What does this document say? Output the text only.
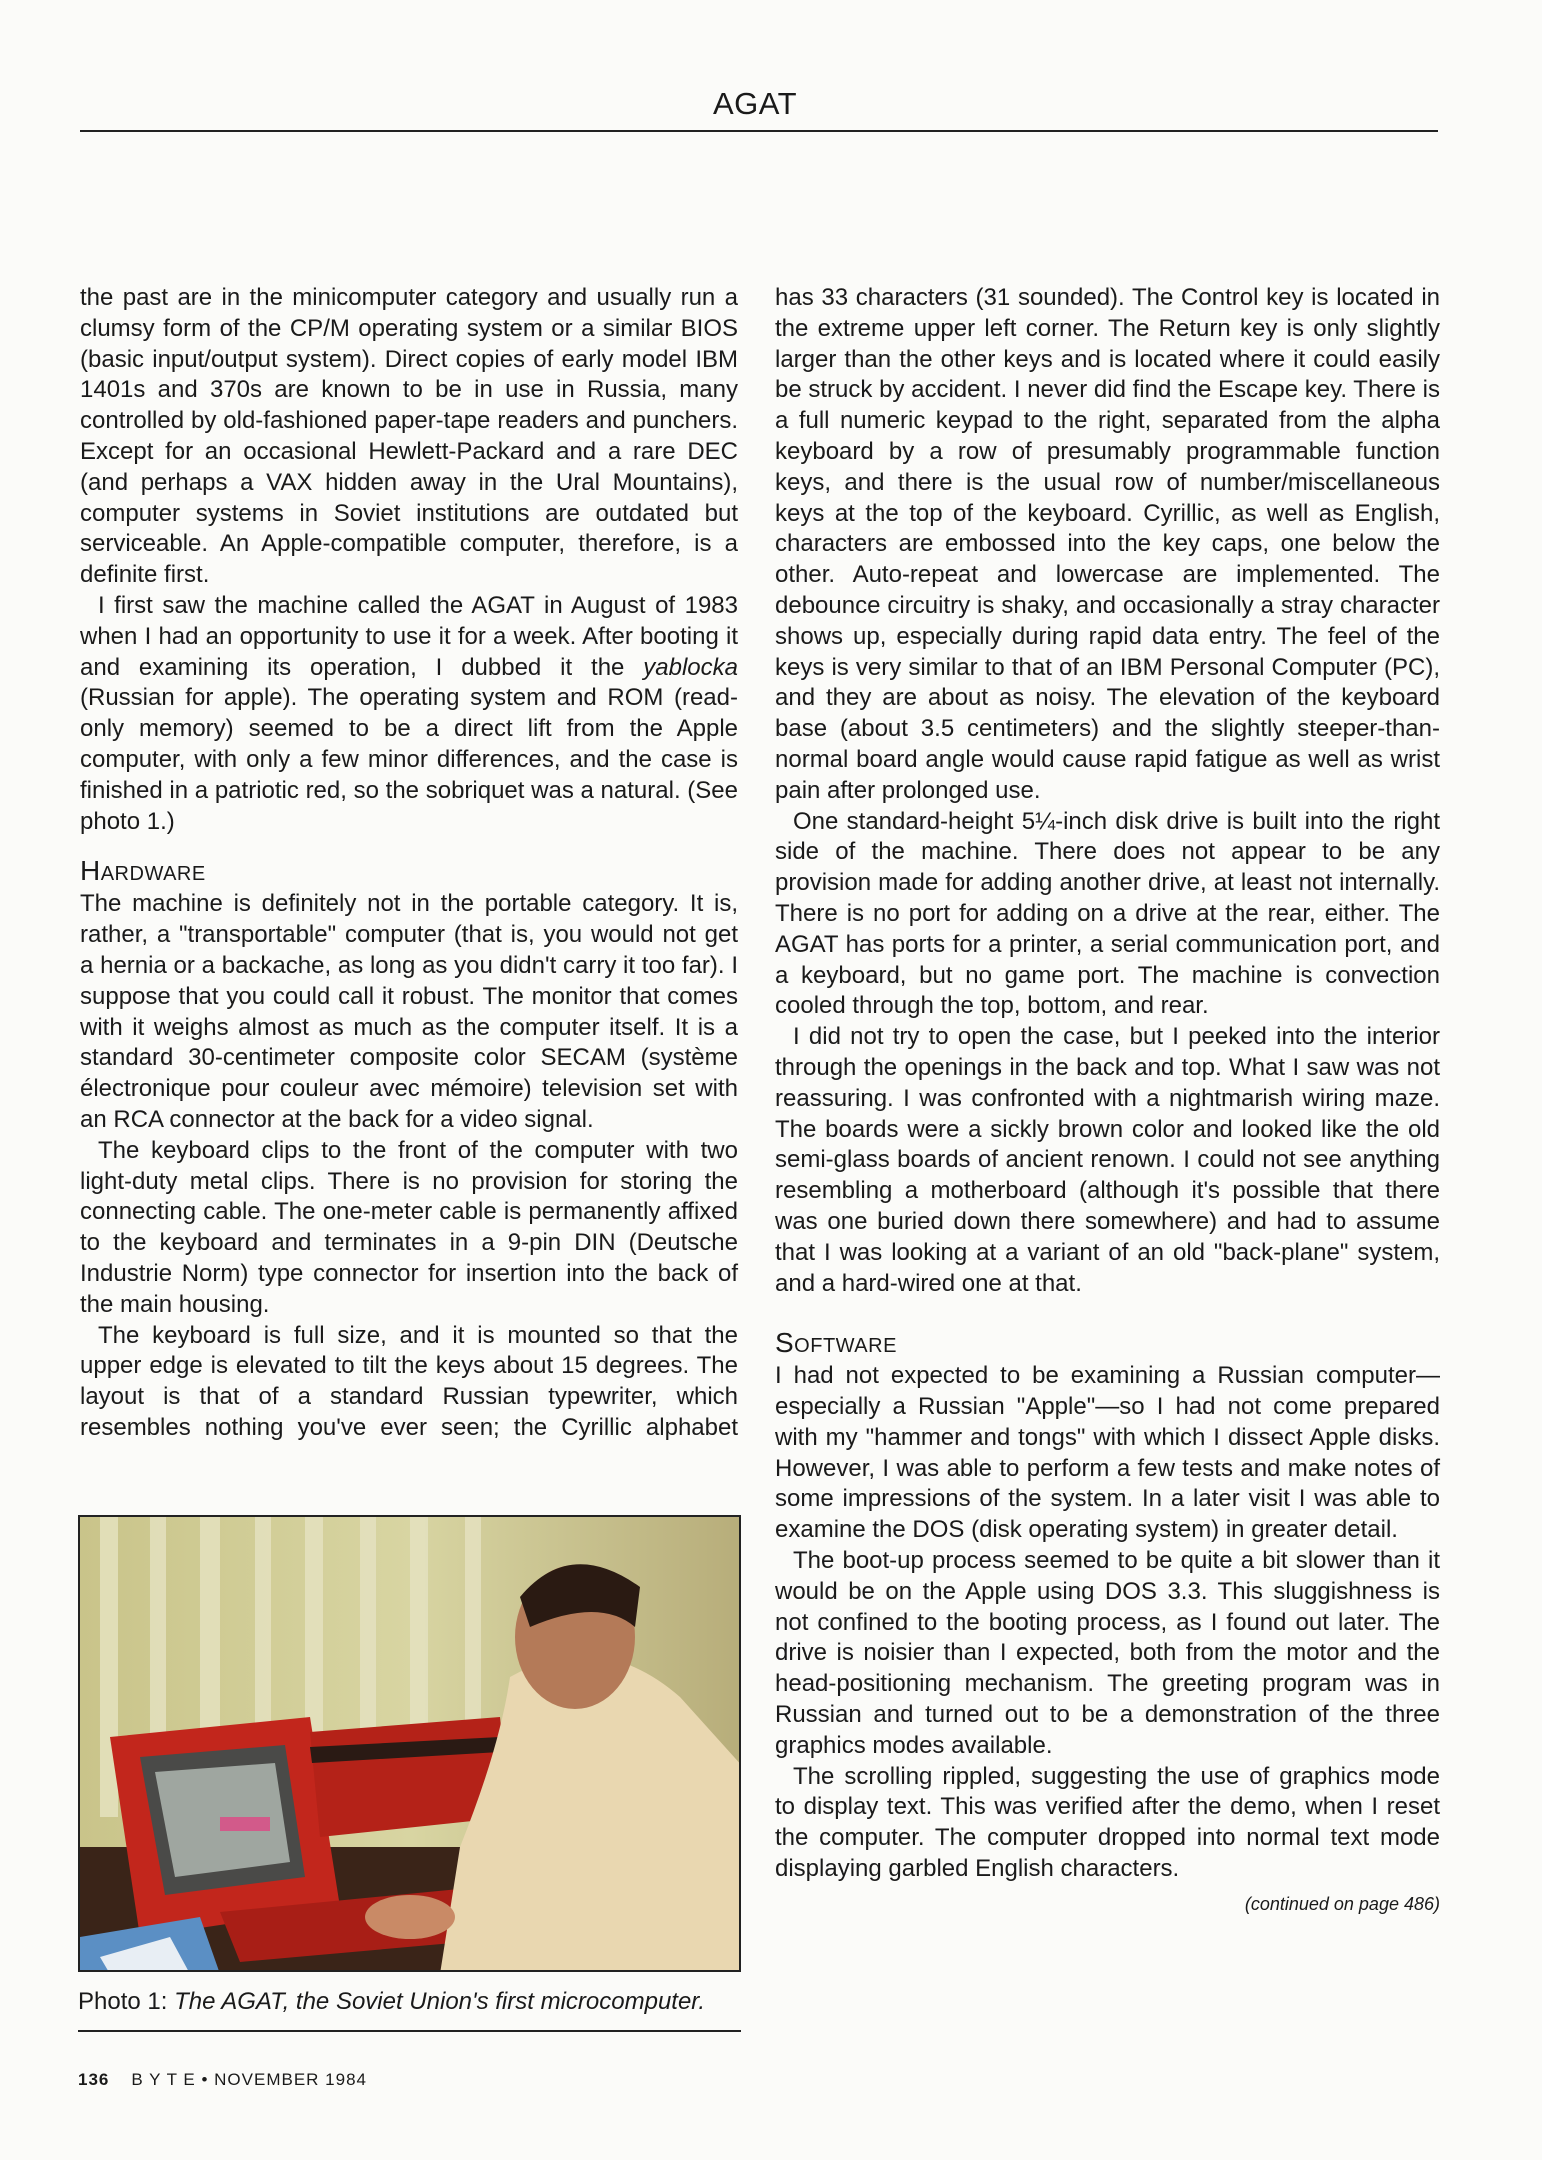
AGAT

the past are in the minicomputer category and usually run a clumsy form of the CP/M operating system or a similar BIOS (basic input/output system). Direct copies of early model IBM 1401s and 370s are known to be in use in Russia, many controlled by old-fashioned paper-tape readers and punchers. Except for an occasional Hewlett-Packard and a rare DEC (and perhaps a VAX hidden away in the Ural Mountains), computer systems in Soviet institutions are outdated but serviceable. An Apple-compatible computer, therefore, is a definite first.

I first saw the machine called the AGAT in August of 1983 when I had an opportunity to use it for a week. After booting it and examining its operation, I dubbed it the yablocka (Russian for apple). The operating system and ROM (read-only memory) seemed to be a direct lift from the Apple computer, with only a few minor differences, and the case is finished in a patriotic red, so the sobriquet was a natural. (See photo 1.)

Hardware

The machine is definitely not in the portable category. It is, rather, a "transportable" computer (that is, you would not get a hernia or a backache, as long as you didn't carry it too far). I suppose that you could call it robust. The monitor that comes with it weighs almost as much as the computer itself. It is a standard 30-centimeter composite color SECAM (système électronique pour couleur avec mémoire) television set with an RCA connector at the back for a video signal.

The keyboard clips to the front of the computer with two light-duty metal clips. There is no provision for storing the connecting cable. The one-meter cable is permanently affixed to the keyboard and terminates in a 9-pin DIN (Deutsche Industrie Norm) type connector for insertion into the back of the main housing.

The keyboard is full size, and it is mounted so that the upper edge is elevated to tilt the keys about 15 degrees. The layout is that of a standard Russian typewriter, which resembles nothing you've ever seen; the Cyrillic alphabet

Photo 1: The AGAT, the Soviet Union's first microcomputer.

has 33 characters (31 sounded). The Control key is located in the extreme upper left corner. The Return key is only slightly larger than the other keys and is located where it could easily be struck by accident. I never did find the Escape key. There is a full numeric keypad to the right, separated from the alpha keyboard by a row of presumably programmable function keys, and there is the usual row of number/miscellaneous keys at the top of the keyboard. Cyrillic, as well as English, characters are embossed into the key caps, one below the other. Auto-repeat and lowercase are implemented. The debounce circuitry is shaky, and occasionally a stray character shows up, especially during rapid data entry. The feel of the keys is very similar to that of an IBM Personal Computer (PC), and they are about as noisy. The elevation of the keyboard base (about 3.5 centimeters) and the slightly steeper-than-normal board angle would cause rapid fatigue as well as wrist pain after prolonged use.

One standard-height 5¼-inch disk drive is built into the right side of the machine. There does not appear to be any provision made for adding another drive, at least not internally. There is no port for adding on a drive at the rear, either. The AGAT has ports for a printer, a serial communication port, and a keyboard, but no game port. The machine is convection cooled through the top, bottom, and rear.

I did not try to open the case, but I peeked into the interior through the openings in the back and top. What I saw was not reassuring. I was confronted with a nightmarish wiring maze. The boards were a sickly brown color and looked like the old semi-glass boards of ancient renown. I could not see anything resembling a motherboard (although it's possible that there was one buried down there somewhere) and had to assume that I was looking at a variant of an old "back-plane" system, and a hard-wired one at that.

Software

I had not expected to be examining a Russian computer—especially a Russian "Apple"—so I had not come prepared with my "hammer and tongs" with which I dissect Apple disks. However, I was able to perform a few tests and make notes of some impressions of the system. In a later visit I was able to examine the DOS (disk operating system) in greater detail.

The boot-up process seemed to be quite a bit slower than it would be on the Apple using DOS 3.3. This sluggishness is not confined to the booting process, as I found out later. The drive is noisier than I expected, both from the motor and the head-positioning mechanism. The greeting program was in Russian and turned out to be a demonstration of the three graphics modes available.

The scrolling rippled, suggesting the use of graphics mode to display text. This was verified after the demo, when I reset the computer. The computer dropped into normal text mode displaying garbled English characters.

(continued on page 486)
136 B Y T E • NOVEMBER 1984
